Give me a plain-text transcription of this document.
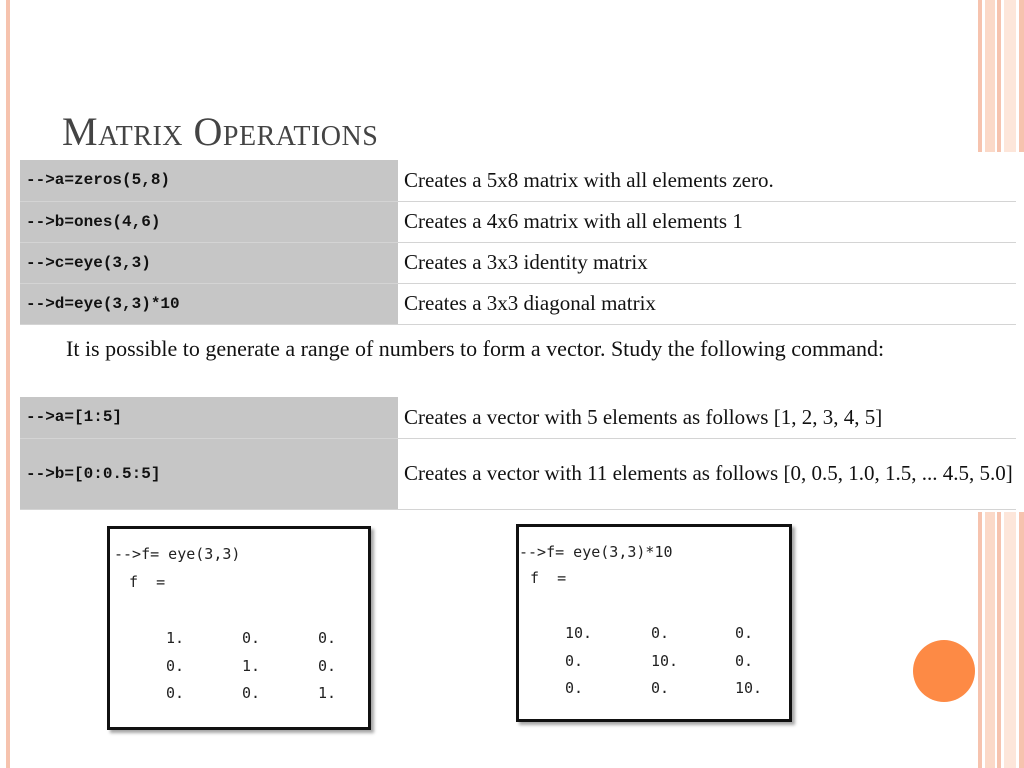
Matrix Operations
-->a=zeros(5,8)	Creates a 5x8 matrix with all elements zero.
-->b=ones(4,6)	Creates a 4x6 matrix with all elements 1
-->c=eye(3,3)	Creates a 3x3 identity matrix
-->d=eye(3,3)*10	Creates a 3x3 diagonal matrix
It is possible to generate a range of numbers to form a vector. Study the following command:
-->a=[1:5]	Creates a vector with 5 elements as follows [1, 2, 3, 4, 5]
-->b=[0:0.5:5]	Creates a vector with 11 elements as follows [0, 0.5, 1.0, 1.5, ... 4.5, 5.0]
-->f= eye(3,3)
f  =
1.	0.	0.
0.	1.	0.
0.	0.	1.
-->f= eye(3,3)*10
f  =
10.	0.	0.
0.	10.	0.
0.	0.	10.
